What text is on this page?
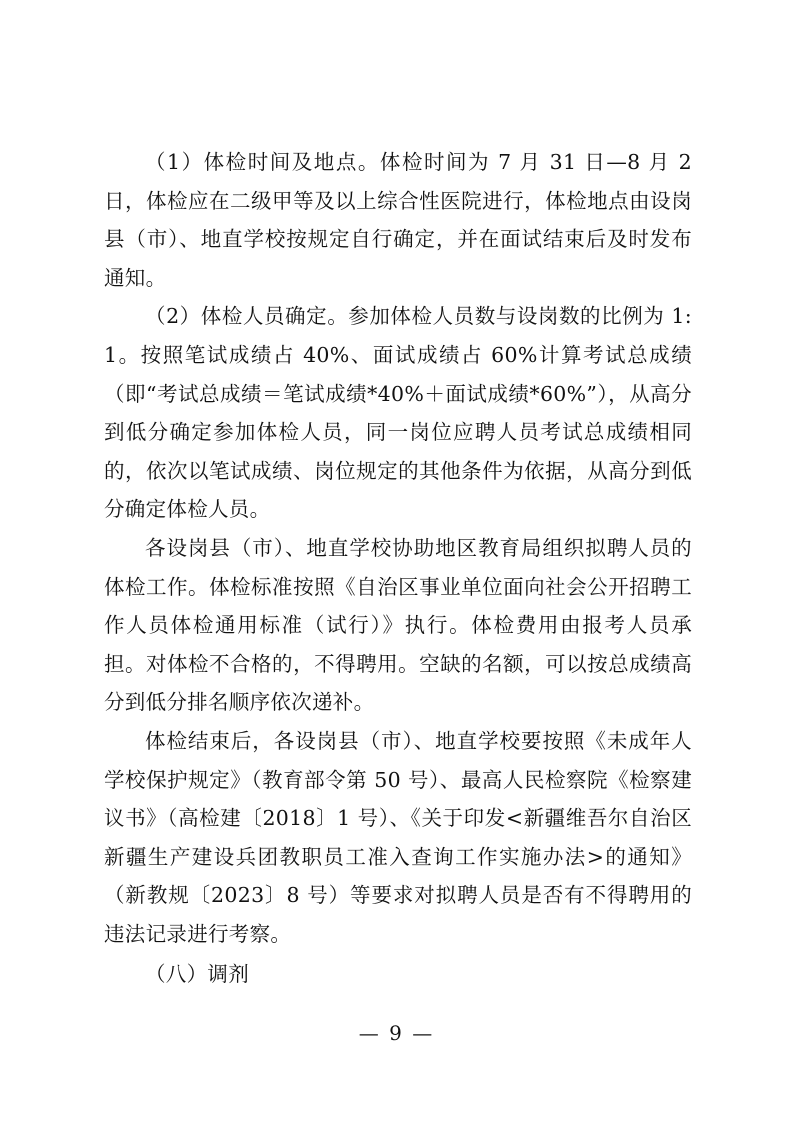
（1）体检时间及地点。体检时间为 7 月 31 日—8 月 2 日，体检应在二级甲等及以上综合性医院进行，体检地点由设岗县（市）、地直学校按规定自行确定，并在面试结束后及时发布通知。

（2）体检人员确定。参加体检人员数与设岗数的比例为 1:1。按照笔试成绩占 40%、面试成绩占 60%计算考试总成绩（即“考试总成绩＝笔试成绩*40%＋面试成绩*60%”），从高分到低分确定参加体检人员，同一岗位应聘人员考试总成绩相同的，依次以笔试成绩、岗位规定的其他条件为依据，从高分到低分确定体检人员。

各设岗县（市）、地直学校协助地区教育局组织拟聘人员的体检工作。体检标准按照《自治区事业单位面向社会公开招聘工作人员体检通用标准（试行）》执行。体检费用由报考人员承担。对体检不合格的，不得聘用。空缺的名额，可以按总成绩高分到低分排名顺序依次递补。

体检结束后，各设岗县（市）、地直学校要按照《未成年人学校保护规定》（教育部令第 50 号）、最高人民检察院《检察建议书》（高检建〔2018〕1 号）、《关于印发<新疆维吾尔自治区 新疆生产建设兵团教职员工准入查询工作实施办法>的通知》（新教规〔2023〕8 号）等要求对拟聘人员是否有不得聘用的违法记录进行考察。

（八）调剂

— 9 —
